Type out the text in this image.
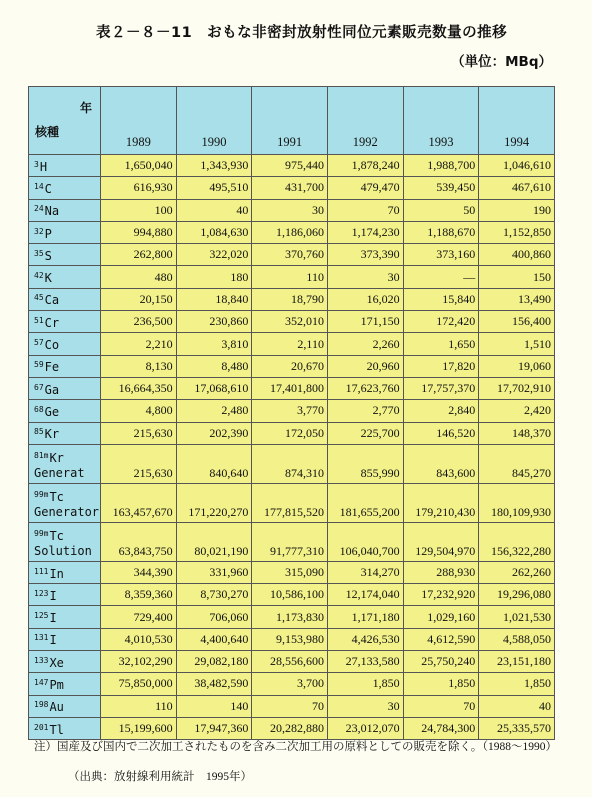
表２－８－11　おもな非密封放射性同位元素販売数量の推移
（単位：MBq）
年
核種	1989	1990	1991	1992	1993	1994

$^3$H	1,650,040	1,343,930	975,440	1,878,240	1,988,700	1,046,610

$^{14}$C	616,930	495,510	431,700	479,470	539,450	467,610

$^{24}$Na	100	40	30	70	50	190

$^{32}$P	994,880	1,084,630	1,186,060	1,174,230	1,188,670	1,152,850

$^{35}$S	262,800	322,020	370,760	373,390	373,160	400,860

$^{42}$K	480	180	110	30	—	150

$^{45}$Ca	20,150	18,840	18,790	16,020	15,840	13,490

$^{51}$Cr	236,500	230,860	352,010	171,150	172,420	156,400

$^{57}$Co	2,210	3,810	2,110	2,260	1,650	1,510

$^{59}$Fe	8,130	8,480	20,670	20,960	17,820	19,060

$^{67}$Ga	16,664,350	17,068,610	17,401,800	17,623,760	17,757,370	17,702,910

$^{68}$Ge	4,800	2,480	3,770	2,770	2,840	2,420

$^{85}$Kr	215,630	202,390	172,050	225,700	146,520	148,370

$^{81m}$Kr
Generat	215,630	840,640	874,310	855,990	843,600	845,270

$^{99m}$Tc
Generator	163,457,670	171,220,270	177,815,520	181,655,200	179,210,430	180,109,930

$^{99m}$Tc
Solution	63,843,750	80,021,190	91,777,310	106,040,700	129,504,970	156,322,280

$^{111}$In	344,390	331,960	315,090	314,270	288,930	262,260

$^{123}$I	8,359,360	8,730,270	10,586,100	12,174,040	17,232,920	19,296,080

$^{125}$I	729,400	706,060	1,173,830	1,171,180	1,029,160	1,021,530

$^{131}$I	4,010,530	4,400,640	9,153,980	4,426,530	4,612,590	4,588,050

$^{133}$Xe	32,102,290	29,082,180	28,556,600	27,133,580	25,750,240	23,151,180

$^{147}$Pm	75,850,000	38,482,590	3,700	1,850	1,850	1,850

$^{198}$Au	110	140	70	30	70	40

$^{201}$Tl	15,199,600	17,947,360	20,282,880	23,012,070	24,784,300	25,335,570
注）国産及び国内で二次加工されたものを含み二次加工用の原料としての販売を除く。（1988～1990）
（出典：放射線利用統計　1995年）
